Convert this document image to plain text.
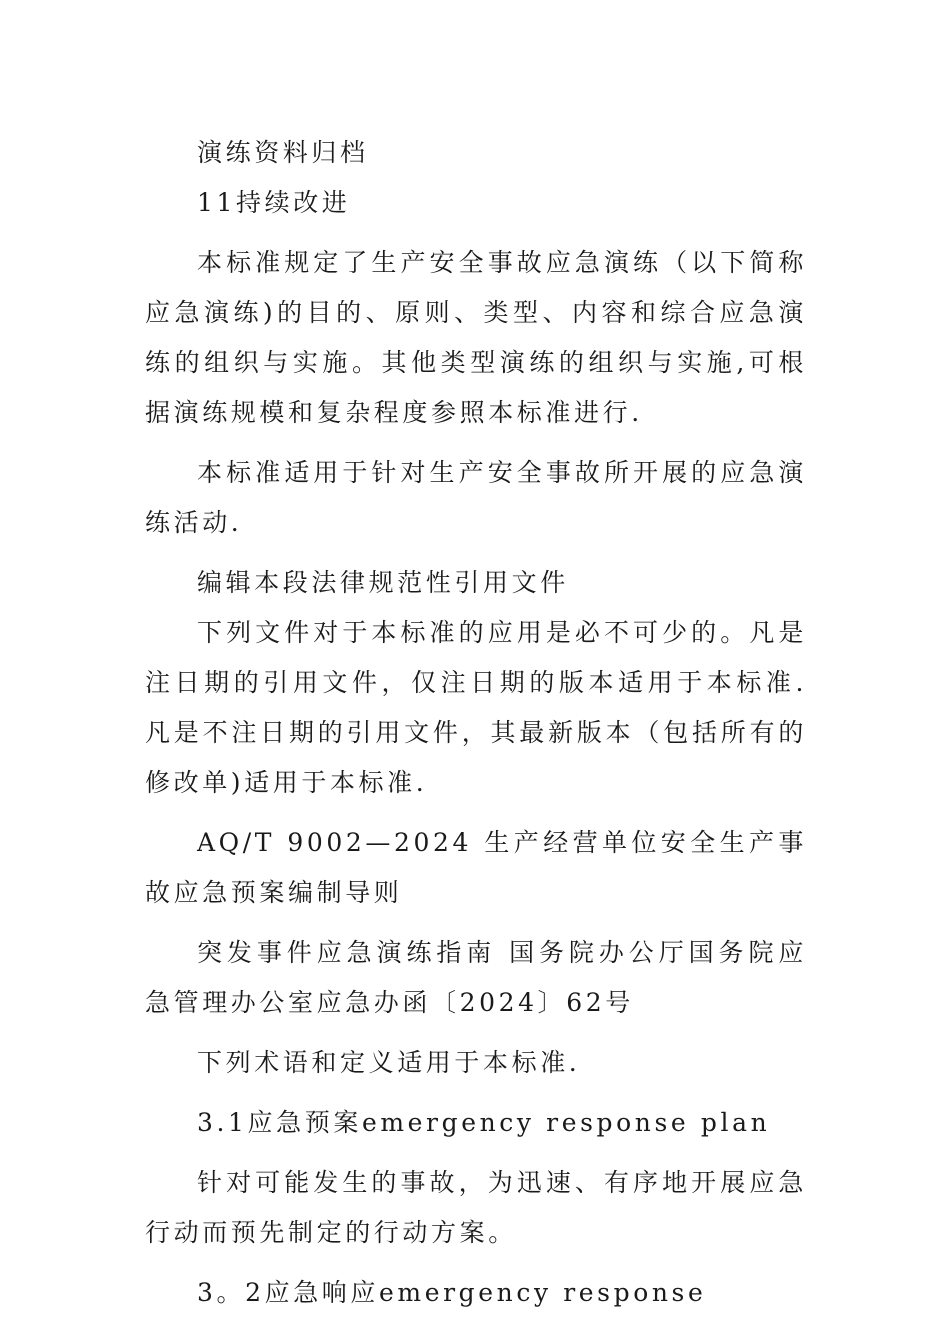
演练资料归档

11持续改进

本标准规定了生产安全事故应急演练（以下简称应急演练)的目的、原则、类型、内容和综合应急演练的组织与实施。其他类型演练的组织与实施,可根据演练规模和复杂程度参照本标准进行.

本标准适用于针对生产安全事故所开展的应急演练活动.

编辑本段法律规范性引用文件

下列文件对于本标准的应用是必不可少的。凡是注日期的引用文件，仅注日期的版本适用于本标准.凡是不注日期的引用文件，其最新版本（包括所有的修改单)适用于本标准.

AQ/T 9002—2024 生产经营单位安全生产事故应急预案编制导则

突发事件应急演练指南 国务院办公厅国务院应急管理办公室应急办函〔2024〕62号

下列术语和定义适用于本标准.

3.1应急预案emergency response plan

针对可能发生的事故，为迅速、有序地开展应急行动而预先制定的行动方案。

3。2应急响应emergency response
